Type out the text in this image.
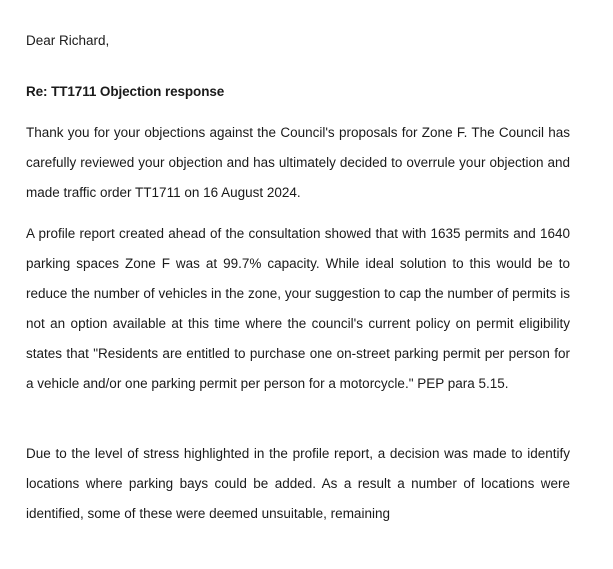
Dear Richard,

Re: TT1711 Objection response

Thank you for your objections against the Council's proposals for Zone F. The Council has carefully reviewed your objection and has ultimately decided to overrule your objection and made traffic order TT1711 on 16 August 2024.

A profile report created ahead of the consultation showed that with 1635 permits and 1640 parking spaces Zone F was at 99.7% capacity. While ideal solution to this would be to reduce the number of vehicles in the zone, your suggestion to cap the number of permits is not an option available at this time where the council's current policy on permit eligibility states that "Residents are entitled to purchase one on-street parking permit per person for a vehicle and/or one parking permit per person for a motorcycle." PEP para 5.15.

Due to the level of stress highlighted in the profile report, a decision was made to identify locations where parking bays could be added. As a result a number of locations were identified, some of these were deemed unsuitable, remaining
